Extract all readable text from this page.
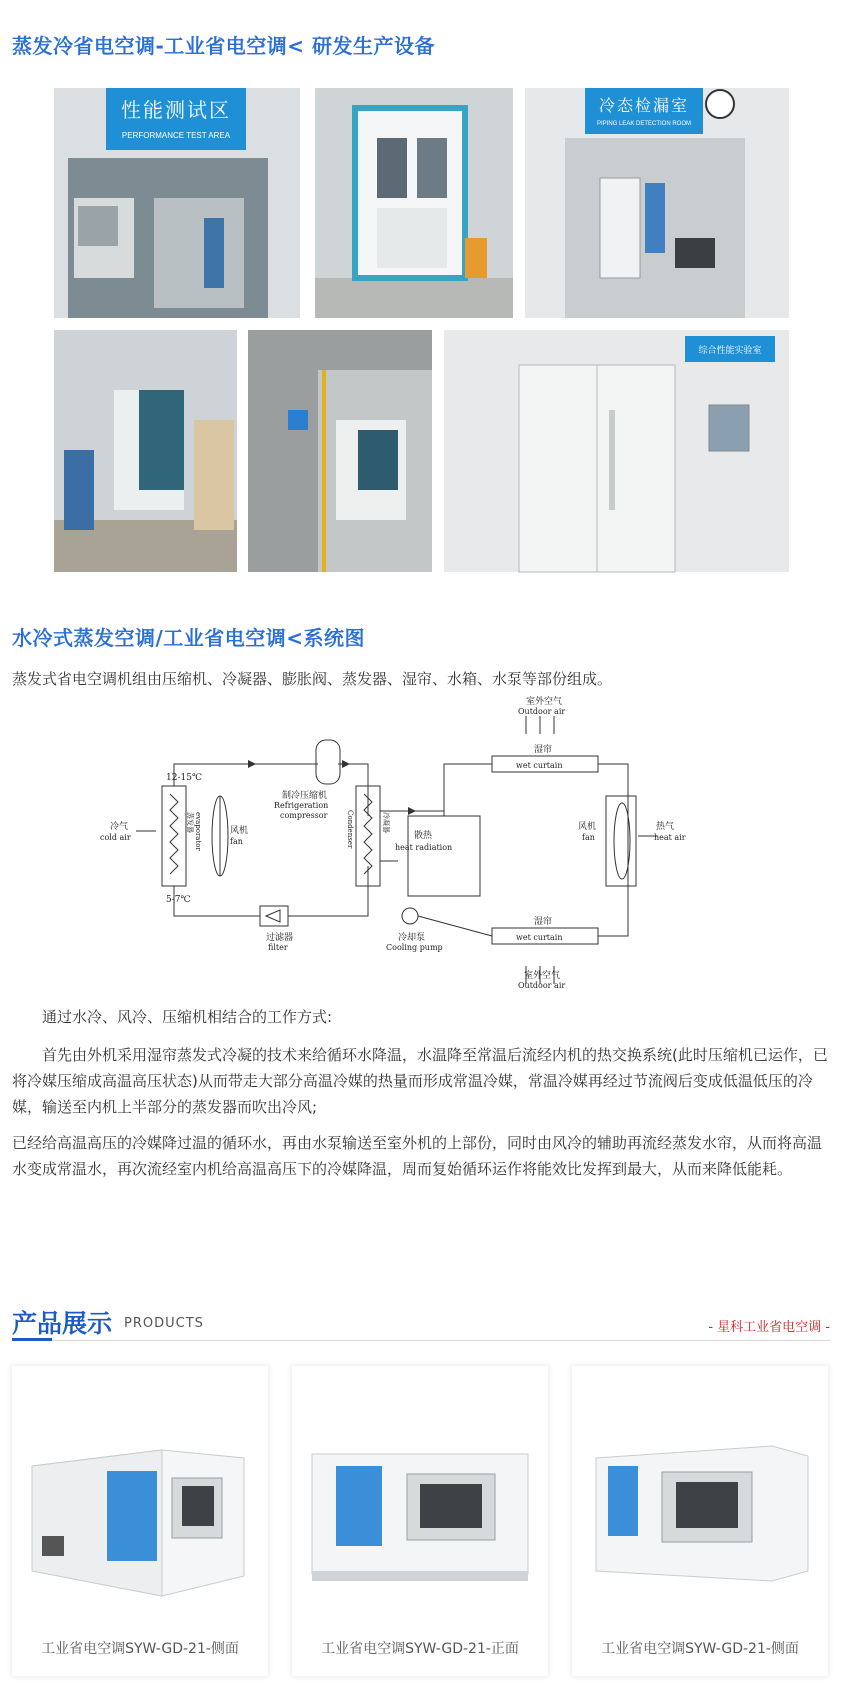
蒸发冷省电空调-工业省电空调< 研发生产设备
性能测试区
PERFORMANCE TEST AREA
冷态检漏室
PIPING LEAK DETECTION ROOM
综合性能实验室
水冷式蒸发空调/工业省电空调<系统图

蒸发式省电空调机组由压缩机、冷凝器、膨胀阀、蒸发器、湿帘、水箱、水泵等部份组成。

室外空气
Outdoor air
湿帘
wet curtain
湿帘
wet curtain
室外空气
Outdoor air
12-15℃
5-7℃
制冷压缩机
Refrigeration
compressor
冷气
cold air
蒸发器 evaporator	风机
fan
冷凝器
Condenser	散热
heat radiation
冷却泵
Cooling pump
过滤器
filter
风机
fan
热气
heat air

通过水冷、风冷、压缩机相结合的工作方式:

首先由外机采用湿帘蒸发式冷凝的技术来给循环水降温，水温降至常温后流经内机的热交换系统(此时压缩机已运作，已将冷媒压缩成高温高压状态)从而带走大部分高温冷媒的热量而形成常温冷媒，常温冷媒再经过节流阀后变成低温低压的冷媒，输送至内机上半部分的蒸发器而吹出冷风;

已经给高温高压的冷媒降过温的循环水，再由水泵输送至室外机的上部份，同时由风冷的辅助再流经蒸发水帘，从而将高温水变成常温水，再次流经室内机给高温高压下的冷媒降温，周而复始循环运作将能效比发挥到最大，从而来降低能耗。

产品展示 PRODUCTS	- 星科工业省电空调 -
工业省电空调SYW-GD-21-侧面	工业省电空调SYW-GD-21-正面	工业省电空调SYW-GD-21-侧面
